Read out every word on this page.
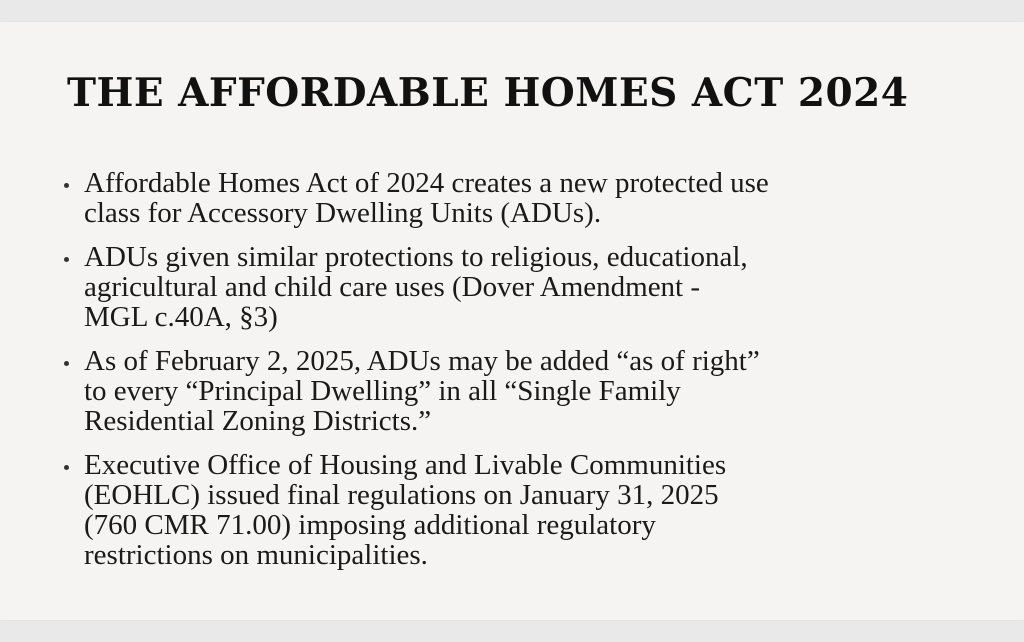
THE AFFORDABLE HOMES ACT 2024
Affordable Homes Act of 2024 creates a new protected use
class for Accessory Dwelling Units (ADUs).
ADUs given similar protections to religious, educational,
agricultural and child care uses (Dover Amendment -
MGL c.40A, §3)
As of February 2, 2025, ADUs may be added “as of right”
to every “Principal Dwelling” in all “Single Family
Residential Zoning Districts.”
Executive Office of Housing and Livable Communities
(EOHLC) issued final regulations on January 31, 2025
(760 CMR 71.00) imposing additional regulatory
restrictions on municipalities.
